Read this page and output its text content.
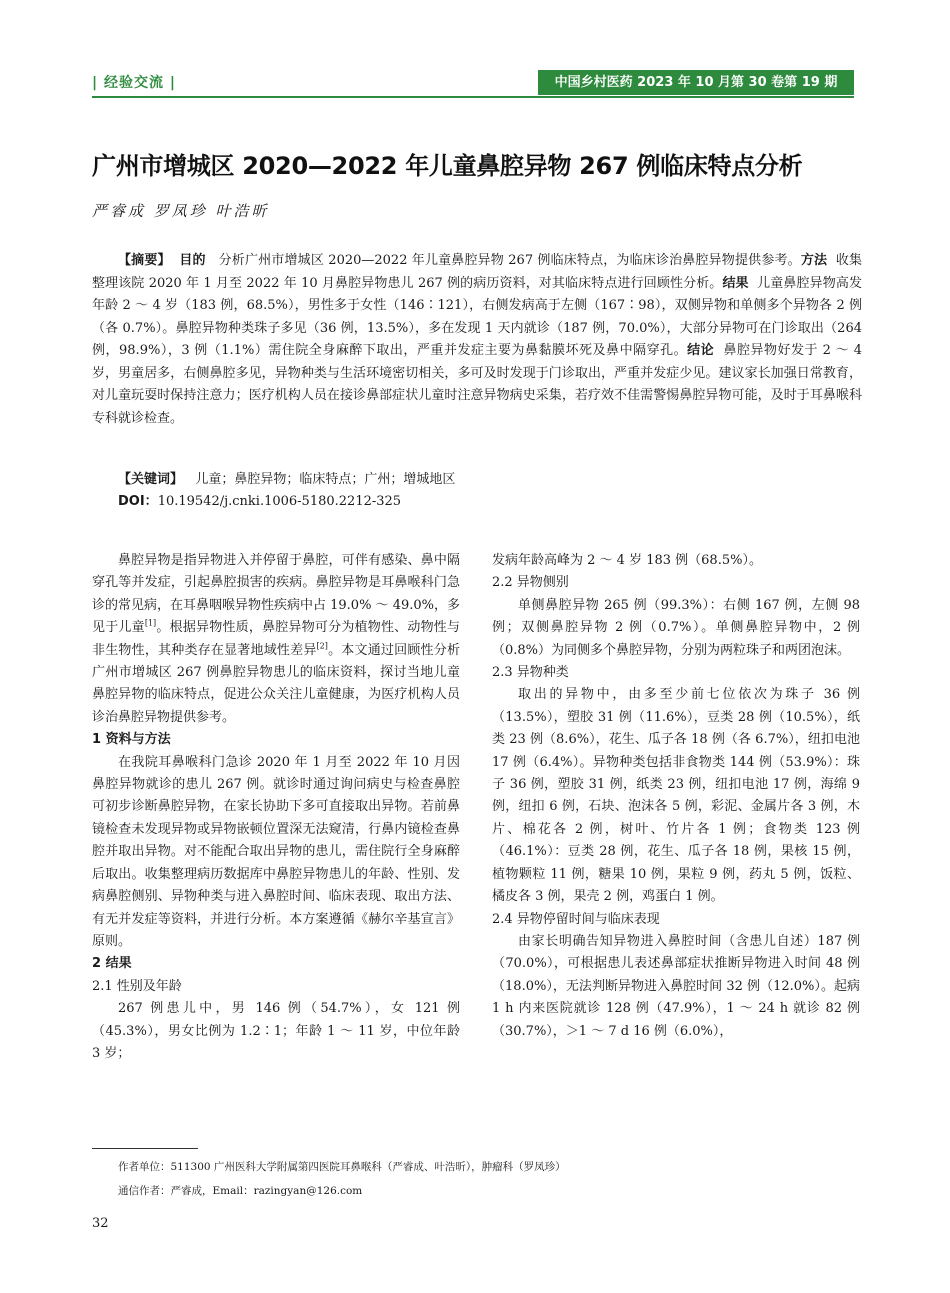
| 经验交流 |	中国乡村医药 2023 年 10 月第 30 卷第 19 期
广州市增城区 2020—2022 年儿童鼻腔异物 267 例临床特点分析
严睿成 罗凤珍 叶浩昕

【摘要】 目的 分析广州市增城区 2020—2022 年儿童鼻腔异物 267 例临床特点，为临床诊治鼻腔异物提供参考。方法 收集整理该院 2020 年 1 月至 2022 年 10 月鼻腔异物患儿 267 例的病历资料，对其临床特点进行回顾性分析。结果 儿童鼻腔异物高发年龄 2 ～ 4 岁（183 例，68.5%），男性多于女性（146∶121），右侧发病高于左侧（167∶98），双侧异物和单侧多个异物各 2 例（各 0.7%）。鼻腔异物种类珠子多见（36 例，13.5%），多在发现 1 天内就诊（187 例，70.0%），大部分异物可在门诊取出（264 例，98.9%），3 例（1.1%）需住院全身麻醉下取出，严重并发症主要为鼻黏膜坏死及鼻中隔穿孔。结论 鼻腔异物好发于 2 ～ 4 岁，男童居多，右侧鼻腔多见，异物种类与生活环境密切相关，多可及时发现于门诊取出，严重并发症少见。建议家长加强日常教育，对儿童玩耍时保持注意力；医疗机构人员在接诊鼻部症状儿童时注意异物病史采集，若疗效不佳需警惕鼻腔异物可能，及时于耳鼻喉科专科就诊检查。

【关键词】 儿童；鼻腔异物；临床特点；广州；增城地区

DOI：10.19542/j.cnki.1006-5180.2212-325

鼻腔异物是指异物进入并停留于鼻腔，可伴有感染、鼻中隔穿孔等并发症，引起鼻腔损害的疾病。鼻腔异物是耳鼻喉科门急诊的常见病，在耳鼻咽喉异物性疾病中占 19.0% ～ 49.0%，多见于儿童[1]。根据异物性质，鼻腔异物可分为植物性、动物性与非生物性，其种类存在显著地域性差异[2]。本文通过回顾性分析广州市增城区 267 例鼻腔异物患儿的临床资料，探讨当地儿童鼻腔异物的临床特点，促进公众关注儿童健康，为医疗机构人员诊治鼻腔异物提供参考。

1 资料与方法

在我院耳鼻喉科门急诊 2020 年 1 月至 2022 年 10 月因鼻腔异物就诊的患儿 267 例。就诊时通过询问病史与检查鼻腔可初步诊断鼻腔异物，在家长协助下多可直接取出异物。若前鼻镜检查未发现异物或异物嵌顿位置深无法窥清，行鼻内镜检查鼻腔并取出异物。对不能配合取出异物的患儿，需住院行全身麻醉后取出。收集整理病历数据库中鼻腔异物患儿的年龄、性别、发病鼻腔侧别、异物种类与进入鼻腔时间、临床表现、取出方法、有无并发症等资料，并进行分析。本方案遵循《赫尔辛基宣言》原则。

2 结果
2.1 性别及年龄

267 例患儿中，男 146 例（54.7%），女 121 例（45.3%），男女比例为 1.2∶1；年龄 1 ～ 11 岁，中位年龄 3 岁；

发病年龄高峰为 2 ～ 4 岁 183 例（68.5%）。

2.2 异物侧别

单侧鼻腔异物 265 例（99.3%）：右侧 167 例，左侧 98 例；双侧鼻腔异物 2 例（0.7%）。单侧鼻腔异物中，2 例（0.8%）为同侧多个鼻腔异物，分别为两粒珠子和两团泡沫。

2.3 异物种类

取出的异物中，由多至少前七位依次为珠子 36 例（13.5%），塑胶 31 例（11.6%），豆类 28 例（10.5%），纸类 23 例（8.6%），花生、瓜子各 18 例（各 6.7%），纽扣电池 17 例（6.4%）。异物种类包括非食物类 144 例（53.9%）：珠子 36 例，塑胶 31 例，纸类 23 例，纽扣电池 17 例，海绵 9 例，纽扣 6 例，石块、泡沫各 5 例，彩泥、金属片各 3 例，木片、棉花各 2 例，树叶、竹片各 1 例；食物类 123 例（46.1%）：豆类 28 例，花生、瓜子各 18 例，果核 15 例，植物颗粒 11 例，糖果 10 例，果粒 9 例，药丸 5 例，饭粒、橘皮各 3 例，果壳 2 例，鸡蛋白 1 例。

2.4 异物停留时间与临床表现

由家长明确告知异物进入鼻腔时间（含患儿自述）187 例（70.0%），可根据患儿表述鼻部症状推断异物进入时间 48 例（18.0%），无法判断异物进入鼻腔时间 32 例（12.0%）。起病 1 h 内来医院就诊 128 例（47.9%），1 ～ 24 h 就诊 82 例（30.7%），＞1 ～ 7 d 16 例（6.0%），

作者单位：511300 广州医科大学附属第四医院耳鼻喉科（严睿成、叶浩昕），肿瘤科（罗凤珍）
通信作者：严睿成，Email：razingyan@126.com
32
